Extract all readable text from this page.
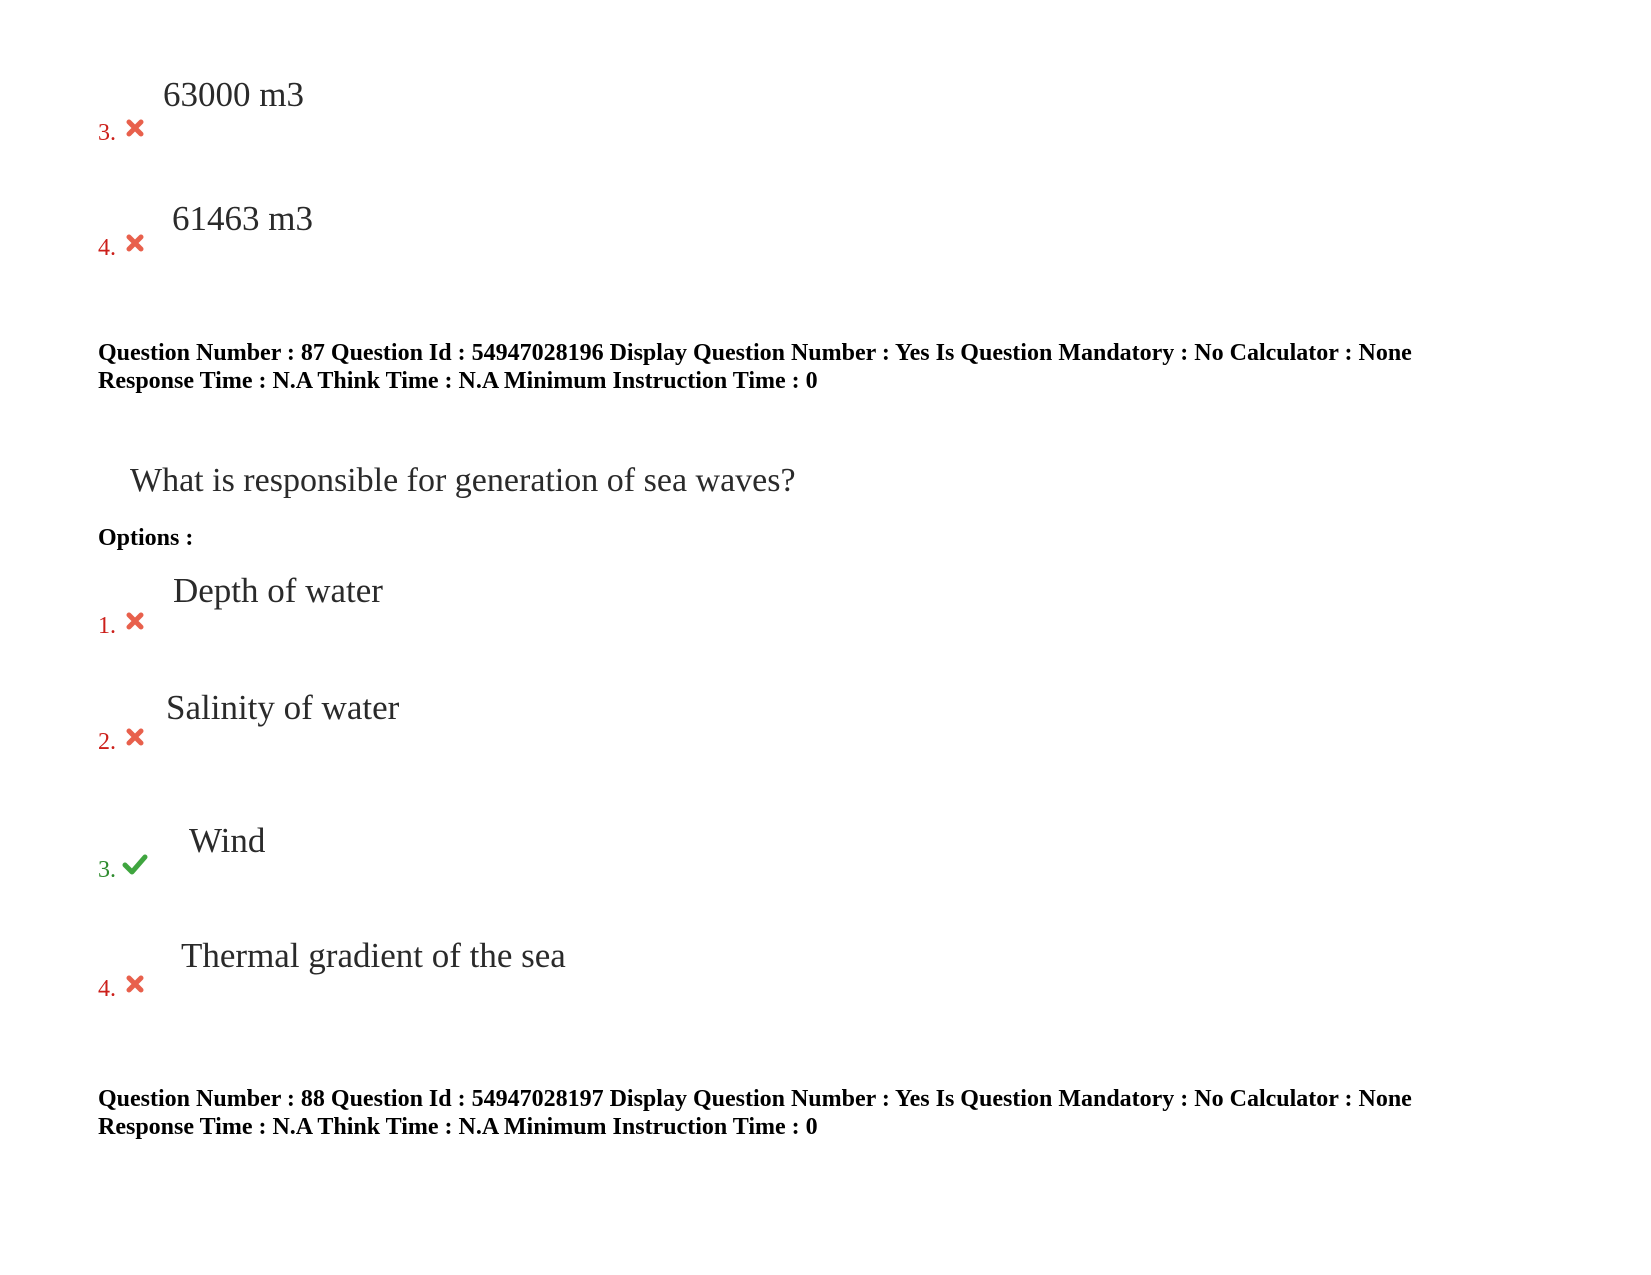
3.
63000 m3
4.
61463 m3
Question Number : 87 Question Id : 54947028196 Display Question Number : Yes Is Question Mandatory : No Calculator : None
Response Time : N.A Think Time : N.A Minimum Instruction Time : 0
What is responsible for generation of sea waves?
Options :
1.
Depth of water
2.
Salinity of water
3.
Wind
4.
Thermal gradient of the sea
Question Number : 88 Question Id : 54947028197 Display Question Number : Yes Is Question Mandatory : No Calculator : None
Response Time : N.A Think Time : N.A Minimum Instruction Time : 0
